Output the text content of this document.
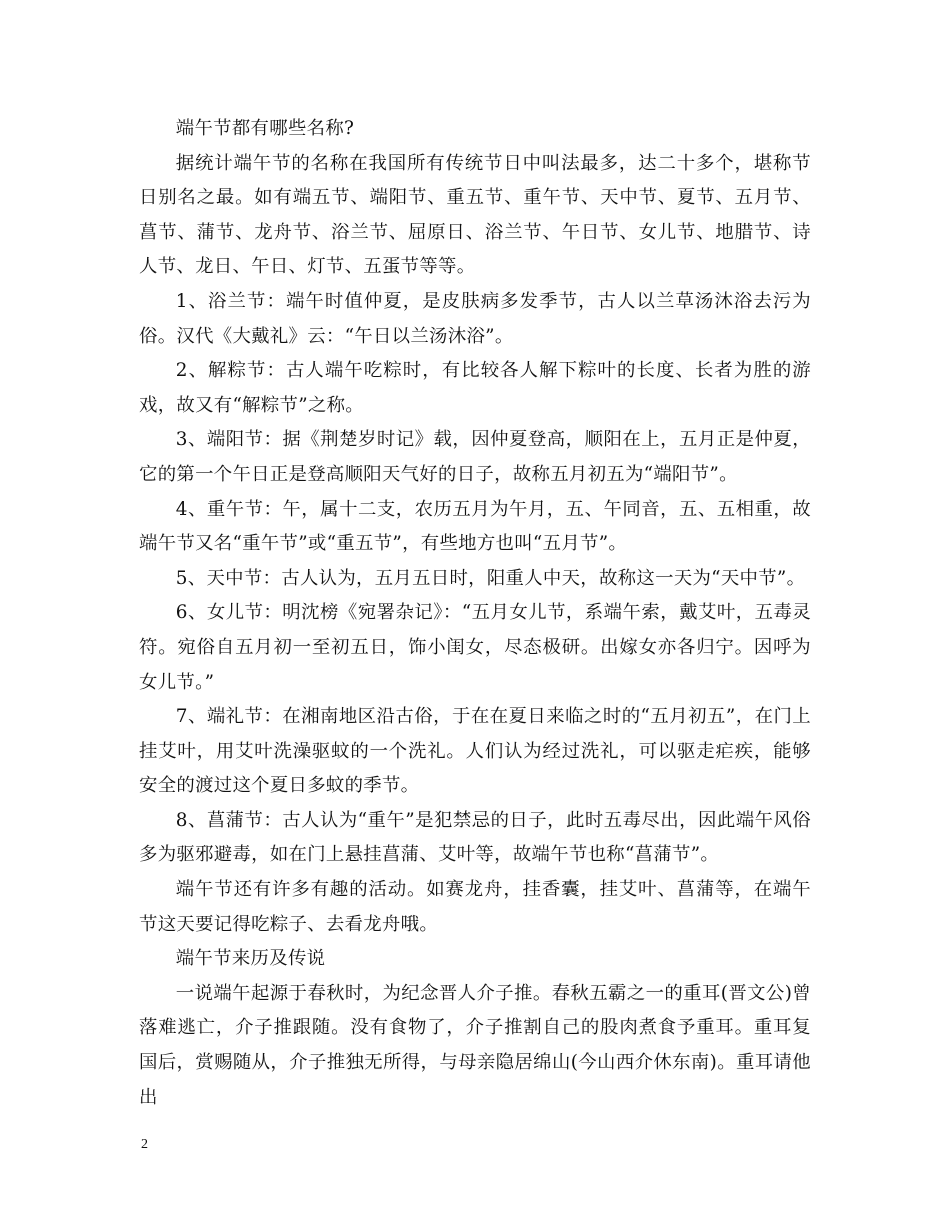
端午节都有哪些名称?

据统计端午节的名称在我国所有传统节日中叫法最多，达二十多个，堪称节日别名之最。如有端五节、端阳节、重五节、重午节、天中节、夏节、五月节、菖节、蒲节、龙舟节、浴兰节、屈原日、浴兰节、午日节、女儿节、地腊节、诗人节、龙日、午日、灯节、五蛋节等等。

1、浴兰节：端午时值仲夏，是皮肤病多发季节，古人以兰草汤沐浴去污为俗。汉代《大戴礼》云：“午日以兰汤沐浴”。

2、解粽节：古人端午吃粽时，有比较各人解下粽叶的长度、长者为胜的游戏，故又有“解粽节”之称。

3、端阳节：据《荆楚岁时记》载，因仲夏登高，顺阳在上，五月正是仲夏，它的第一个午日正是登高顺阳天气好的日子，故称五月初五为“端阳节”。

4、重午节：午，属十二支，农历五月为午月，五、午同音，五、五相重，故端午节又名“重午节”或“重五节”，有些地方也叫“五月节”。

5、天中节：古人认为，五月五日时，阳重人中天，故称这一天为“天中节”。

6、女儿节：明沈榜《宛署杂记》：“五月女儿节，系端午索，戴艾叶，五毒灵符。宛俗自五月初一至初五日，饰小闺女，尽态极研。出嫁女亦各归宁。因呼为女儿节。”

7、端礼节：在湘南地区沿古俗，于在在夏日来临之时的“五月初五”，在门上挂艾叶，用艾叶洗澡驱蚊的一个洗礼。人们认为经过洗礼，可以驱走疟疾，能够安全的渡过这个夏日多蚊的季节。

8、菖蒲节：古人认为“重午”是犯禁忌的日子，此时五毒尽出，因此端午风俗多为驱邪避毒，如在门上悬挂菖蒲、艾叶等，故端午节也称“菖蒲节”。

端午节还有许多有趣的活动。如赛龙舟，挂香囊，挂艾叶、菖蒲等，在端午节这天要记得吃粽子、去看龙舟哦。

端午节来历及传说

一说端午起源于春秋时，为纪念晋人介子推。春秋五霸之一的重耳(晋文公)曾落难逃亡，介子推跟随。没有食物了，介子推割自己的股肉煮食予重耳。重耳复国后，赏赐随从，介子推独无所得，与母亲隐居绵山(今山西介休东南)。重耳请他出

2
